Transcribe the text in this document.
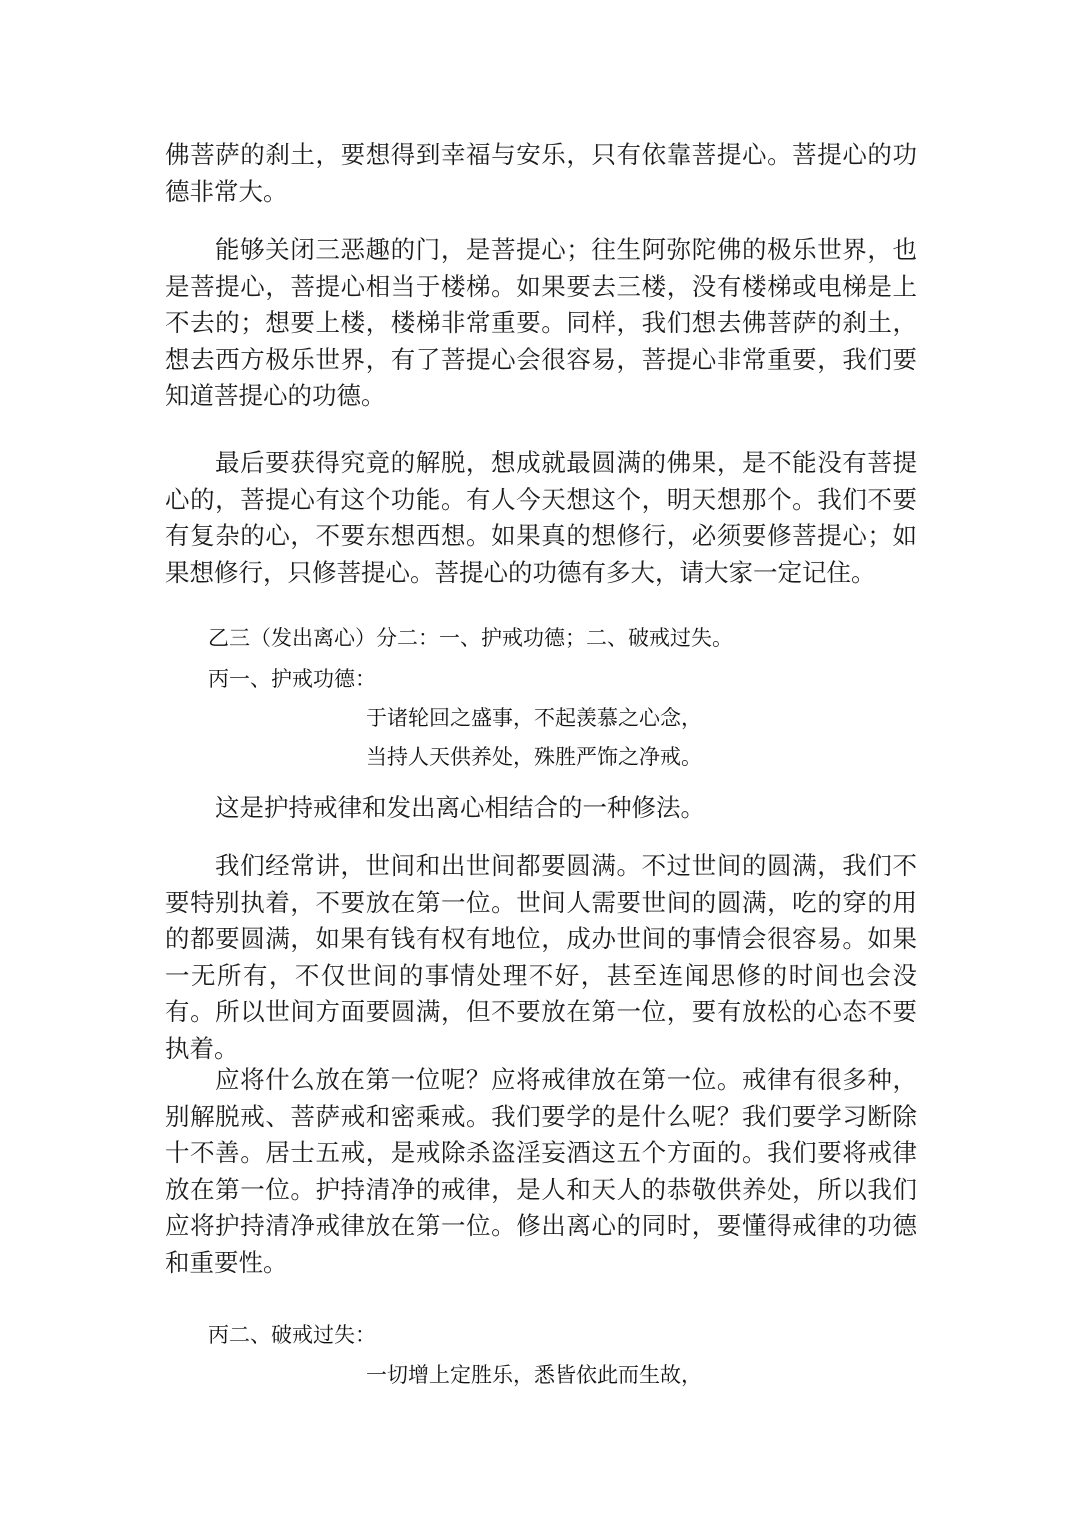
佛菩萨的刹土，要想得到幸福与安乐，只有依靠菩提心。菩提心的功德非常大。

能够关闭三恶趣的门，是菩提心；往生阿弥陀佛的极乐世界，也是菩提心，菩提心相当于楼梯。如果要去三楼，没有楼梯或电梯是上不去的；想要上楼，楼梯非常重要。同样，我们想去佛菩萨的刹土，想去西方极乐世界，有了菩提心会很容易，菩提心非常重要，我们要知道菩提心的功德。

最后要获得究竟的解脱，想成就最圆满的佛果，是不能没有菩提心的，菩提心有这个功能。有人今天想这个，明天想那个。我们不要有复杂的心，不要东想西想。如果真的想修行，必须要修菩提心；如果想修行，只修菩提心。菩提心的功德有多大，请大家一定记住。

乙三（发出离心）分二：一、护戒功德；二、破戒过失。

丙一、护戒功德：

于诸轮回之盛事，不起羡慕之心念，

当持人天供养处，殊胜严饰之净戒。

这是护持戒律和发出离心相结合的一种修法。

我们经常讲，世间和出世间都要圆满。不过世间的圆满，我们不要特别执着，不要放在第一位。世间人需要世间的圆满，吃的穿的用的都要圆满，如果有钱有权有地位，成办世间的事情会很容易。如果一无所有，不仅世间的事情处理不好，甚至连闻思修的时间也会没有。所以世间方面要圆满，但不要放在第一位，要有放松的心态不要执着。

应将什么放在第一位呢？应将戒律放在第一位。戒律有很多种，别解脱戒、菩萨戒和密乘戒。我们要学的是什么呢？我们要学习断除十不善。居士五戒，是戒除杀盗淫妄酒这五个方面的。我们要将戒律放在第一位。护持清净的戒律，是人和天人的恭敬供养处，所以我们应将护持清净戒律放在第一位。修出离心的同时，要懂得戒律的功德和重要性。

丙二、破戒过失：

一切增上定胜乐，悉皆依此而生故，
